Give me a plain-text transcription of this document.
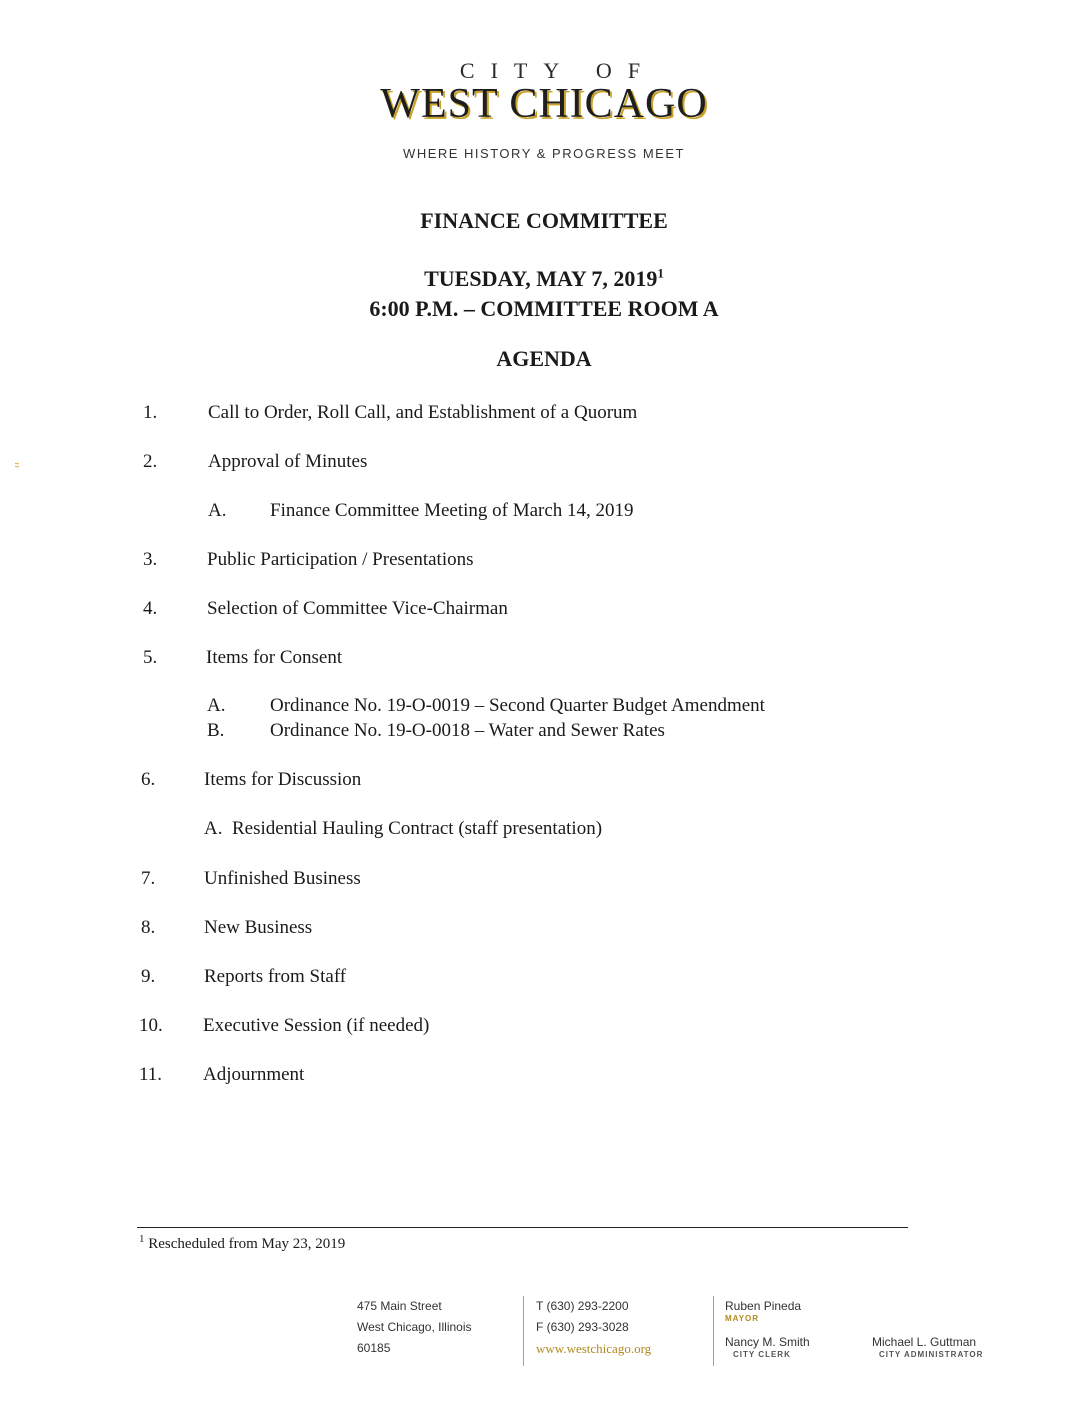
CITY OF
WEST CHICAGO
WHERE HISTORY & PROGRESS MEET
FINANCE COMMITTEE
TUESDAY, MAY 7, 2019$^1$
6:00 P.M. – COMMITTEE ROOM A
AGENDA
1.	Call to Order, Roll Call, and Establishment of a Quorum
2.	Approval of Minutes
A. Finance Committee Meeting of March 14, 2019
3.	Public Participation / Presentations
4.	Selection of Committee Vice-Chairman
5.	Items for Consent
A. Ordinance No. 19-O-0019 – Second Quarter Budget Amendment
B. Ordinance No. 19-O-0018 – Water and Sewer Rates
6.	Items for Discussion
A.  Residential Hauling Contract (staff presentation)
7.	Unfinished Business
8.	New Business
9.	Reports from Staff
10. Executive Session (if needed)
11. Adjournment
$^1$ Rescheduled from May 23, 2019
475 Main Street
West Chicago, Illinois
60185
T (630) 293-2200
F (630) 293-3028
www.westchicago.org
Ruben Pineda
MAYOR
Nancy M. Smith
CITY CLERK
Michael L. Guttman
CITY ADMINISTRATOR
